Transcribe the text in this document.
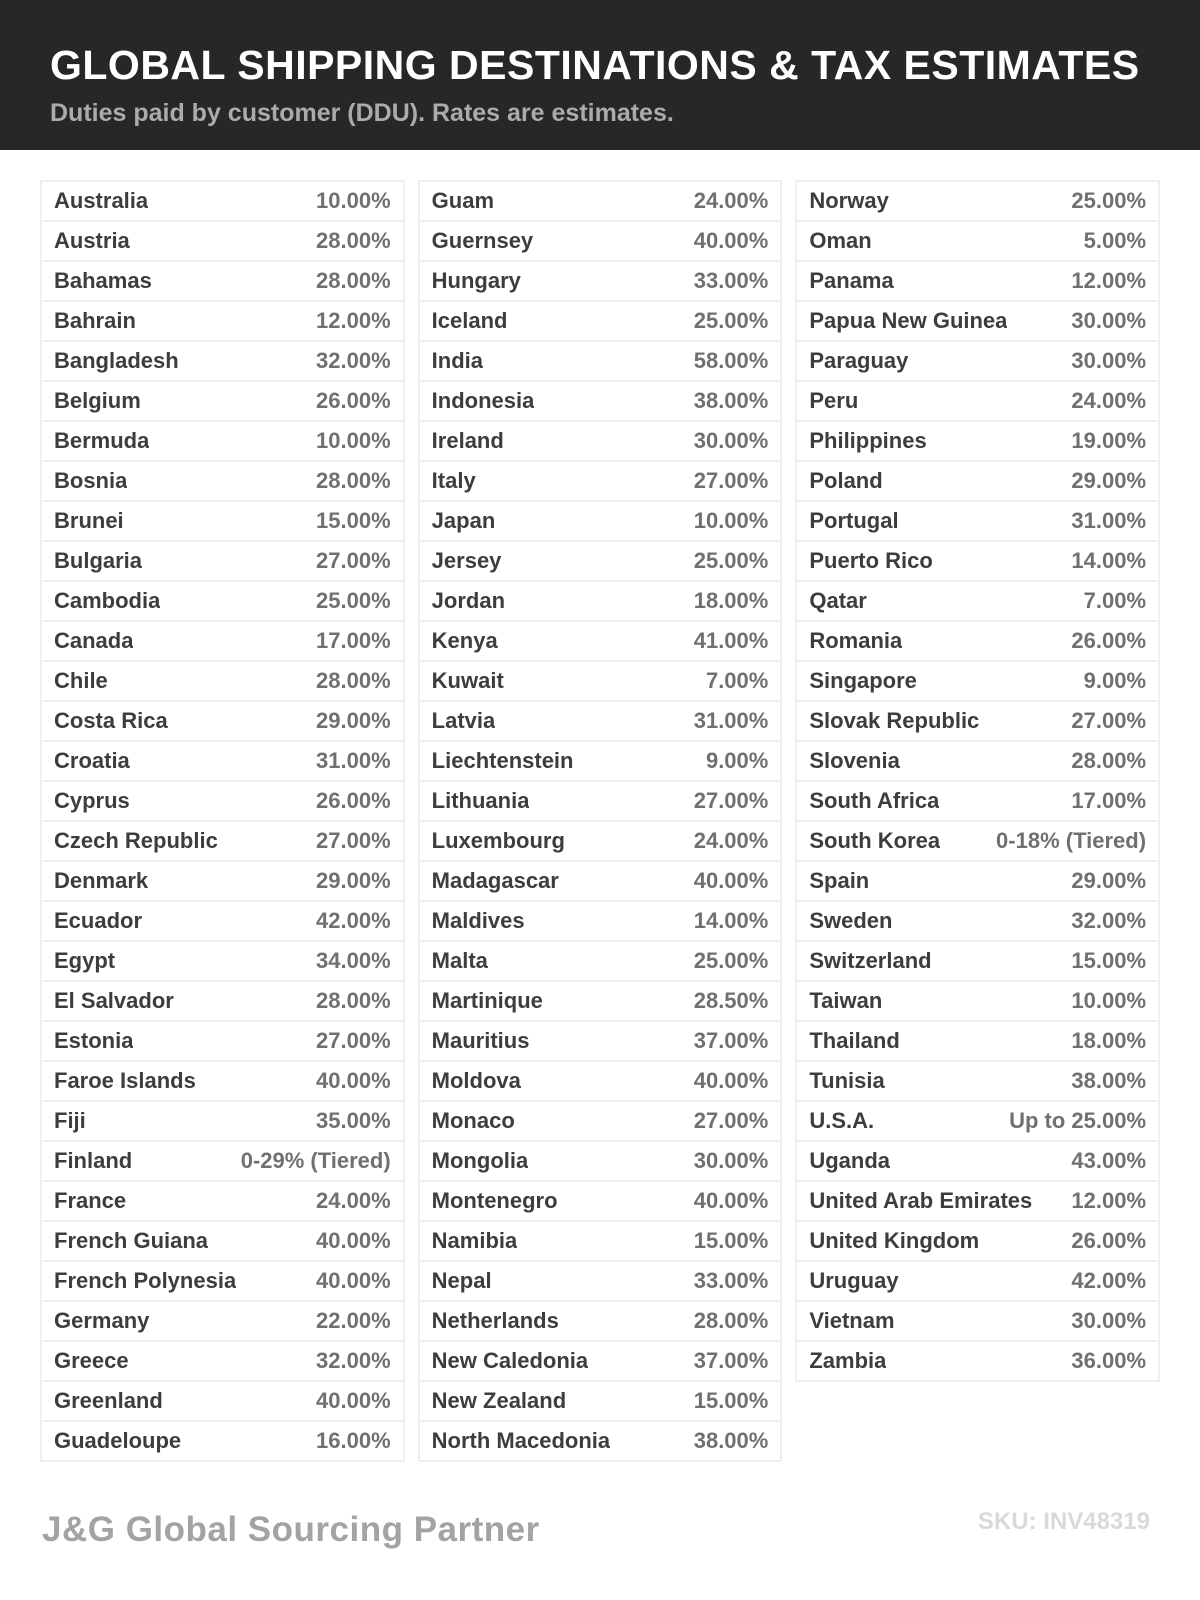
GLOBAL SHIPPING DESTINATIONS & TAX ESTIMATES
Duties paid by customer (DDU). Rates are estimates.
Australia	10.00%
Austria	28.00%
Bahamas	28.00%
Bahrain	12.00%
Bangladesh	32.00%
Belgium	26.00%
Bermuda	10.00%
Bosnia	28.00%
Brunei	15.00%
Bulgaria	27.00%
Cambodia	25.00%
Canada	17.00%
Chile	28.00%
Costa Rica	29.00%
Croatia	31.00%
Cyprus	26.00%
Czech Republic	27.00%
Denmark	29.00%
Ecuador	42.00%
Egypt	34.00%
El Salvador	28.00%
Estonia	27.00%
Faroe Islands	40.00%
Fiji	35.00%
Finland	0-29% (Tiered)
France	24.00%
French Guiana	40.00%
French Polynesia	40.00%
Germany	22.00%
Greece	32.00%
Greenland	40.00%
Guadeloupe	16.00%
Guam	24.00%
Guernsey	40.00%
Hungary	33.00%
Iceland	25.00%
India	58.00%
Indonesia	38.00%
Ireland	30.00%
Italy	27.00%
Japan	10.00%
Jersey	25.00%
Jordan	18.00%
Kenya	41.00%
Kuwait	7.00%
Latvia	31.00%
Liechtenstein	9.00%
Lithuania	27.00%
Luxembourg	24.00%
Madagascar	40.00%
Maldives	14.00%
Malta	25.00%
Martinique	28.50%
Mauritius	37.00%
Moldova	40.00%
Monaco	27.00%
Mongolia	30.00%
Montenegro	40.00%
Namibia	15.00%
Nepal	33.00%
Netherlands	28.00%
New Caledonia	37.00%
New Zealand	15.00%
North Macedonia	38.00%
Norway	25.00%
Oman	5.00%
Panama	12.00%
Papua New Guinea	30.00%
Paraguay	30.00%
Peru	24.00%
Philippines	19.00%
Poland	29.00%
Portugal	31.00%
Puerto Rico	14.00%
Qatar	7.00%
Romania	26.00%
Singapore	9.00%
Slovak Republic	27.00%
Slovenia	28.00%
South Africa	17.00%
South Korea	0-18% (Tiered)
Spain	29.00%
Sweden	32.00%
Switzerland	15.00%
Taiwan	10.00%
Thailand	18.00%
Tunisia	38.00%
U.S.A.	Up to 25.00%
Uganda	43.00%
United Arab Emirates 12.00%
United Kingdom	26.00%
Uruguay	42.00%
Vietnam	30.00%
Zambia	36.00%
J&G Global Sourcing Partner	SKU: INV48319
